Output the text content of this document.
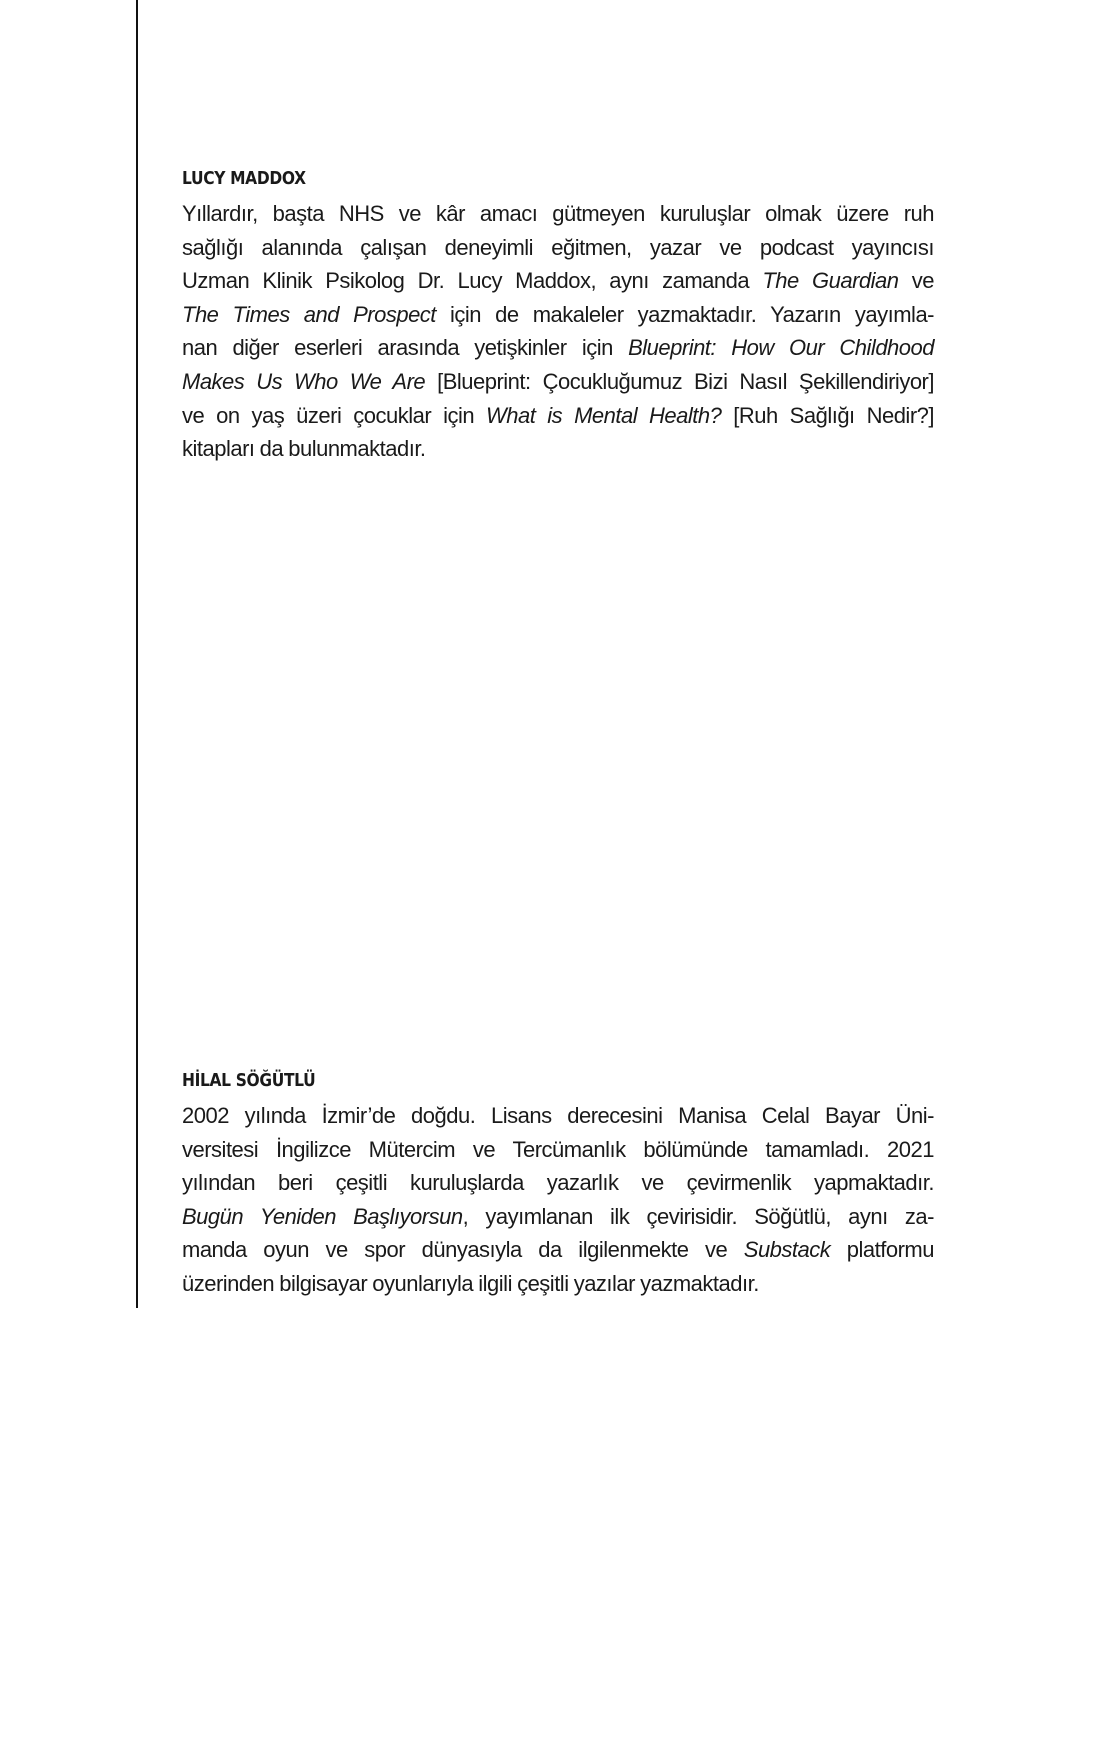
LUCY MADDOX
Yıllardır, başta NHS ve kâr amacı gütmeyen kuruluşlar olmak üzere ruh
sağlığı alanında çalışan deneyimli eğitmen, yazar ve podcast yayıncısı
Uzman Klinik Psikolog Dr. Lucy Maddox, aynı zamanda The Guardian ve
The Times and Prospect için de makaleler yazmaktadır. Yazarın yayımla-
nan diğer eserleri arasında yetişkinler için Blueprint: How Our Childhood
Makes Us Who We Are [Blueprint: Çocukluğumuz Bizi Nasıl Şekillendiriyor]
ve on yaş üzeri çocuklar için What is Mental Health? [Ruh Sağlığı Nedir?]
kitapları da bulunmaktadır.
HİLAL SÖĞÜTLÜ
2002 yılında İzmir’de doğdu. Lisans derecesini Manisa Celal Bayar Üni-
versitesi İngilizce Mütercim ve Tercümanlık bölümünde tamamladı. 2021
yılından beri çeşitli kuruluşlarda yazarlık ve çevirmenlik yapmaktadır.
Bugün Yeniden Başlıyorsun, yayımlanan ilk çevirisidir. Söğütlü, aynı za-
manda oyun ve spor dünyasıyla da ilgilenmekte ve Substack platformu
üzerinden bilgisayar oyunlarıyla ilgili çeşitli yazılar yazmaktadır.
